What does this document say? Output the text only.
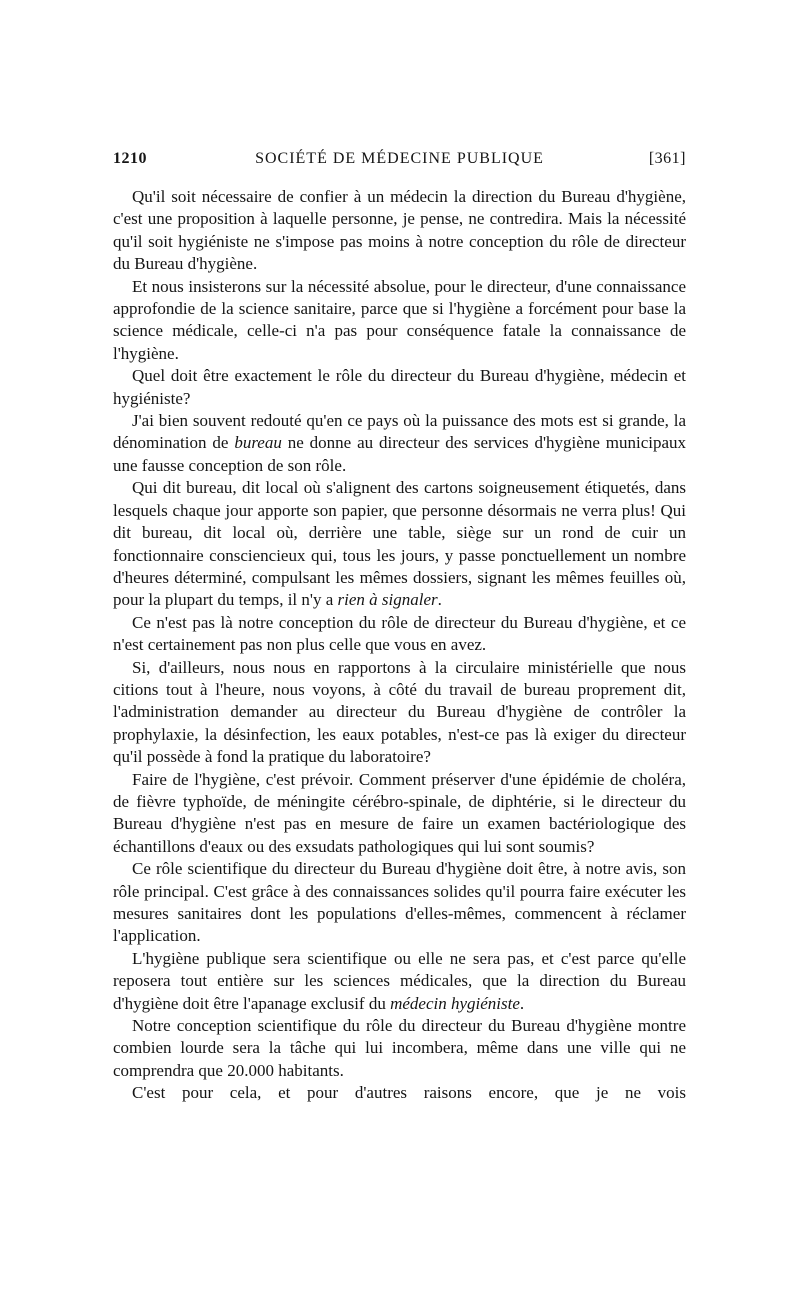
1210	SOCIÉTÉ DE MÉDECINE PUBLIQUE	[361]

Qu'il soit nécessaire de confier à un médecin la direction du Bureau d'hygiène, c'est une proposition à laquelle personne, je pense, ne contredira. Mais la nécessité qu'il soit hygiéniste ne s'impose pas moins à notre conception du rôle de directeur du Bureau d'hygiène.

Et nous insisterons sur la nécessité absolue, pour le directeur, d'une connaissance approfondie de la science sanitaire, parce que si l'hygiène a forcément pour base la science médicale, celle-ci n'a pas pour conséquence fatale la connaissance de l'hygiène.

Quel doit être exactement le rôle du directeur du Bureau d'hygiène, médecin et hygiéniste?

J'ai bien souvent redouté qu'en ce pays où la puissance des mots est si grande, la dénomination de bureau ne donne au directeur des services d'hygiène municipaux une fausse conception de son rôle.

Qui dit bureau, dit local où s'alignent des cartons soigneusement étiquetés, dans lesquels chaque jour apporte son papier, que personne désormais ne verra plus! Qui dit bureau, dit local où, derrière une table, siège sur un rond de cuir un fonctionnaire consciencieux qui, tous les jours, y passe ponctuellement un nombre d'heures déterminé, compulsant les mêmes dossiers, signant les mêmes feuilles où, pour la plupart du temps, il n'y a rien à signaler.

Ce n'est pas là notre conception du rôle de directeur du Bureau d'hygiène, et ce n'est certainement pas non plus celle que vous en avez.

Si, d'ailleurs, nous nous en rapportons à la circulaire ministérielle que nous citions tout à l'heure, nous voyons, à côté du travail de bureau proprement dit, l'administration demander au directeur du Bureau d'hygiène de contrôler la prophylaxie, la désinfection, les eaux potables, n'est-ce pas là exiger du directeur qu'il possède à fond la pratique du laboratoire?

Faire de l'hygiène, c'est prévoir. Comment préserver d'une épidémie de choléra, de fièvre typhoïde, de méningite cérébro-spinale, de diphtérie, si le directeur du Bureau d'hygiène n'est pas en mesure de faire un examen bactériologique des échantillons d'eaux ou des exsudats pathologiques qui lui sont soumis?

Ce rôle scientifique du directeur du Bureau d'hygiène doit être, à notre avis, son rôle principal. C'est grâce à des connaissances solides qu'il pourra faire exécuter les mesures sanitaires dont les populations d'elles-mêmes, commencent à réclamer l'application.

L'hygiène publique sera scientifique ou elle ne sera pas, et c'est parce qu'elle reposera tout entière sur les sciences médicales, que la direction du Bureau d'hygiène doit être l'apanage exclusif du médecin hygiéniste.

Notre conception scientifique du rôle du directeur du Bureau d'hygiène montre combien lourde sera la tâche qui lui incombera, même dans une ville qui ne comprendra que 20.000 habitants.

C'est pour cela, et pour d'autres raisons encore, que je ne vois
